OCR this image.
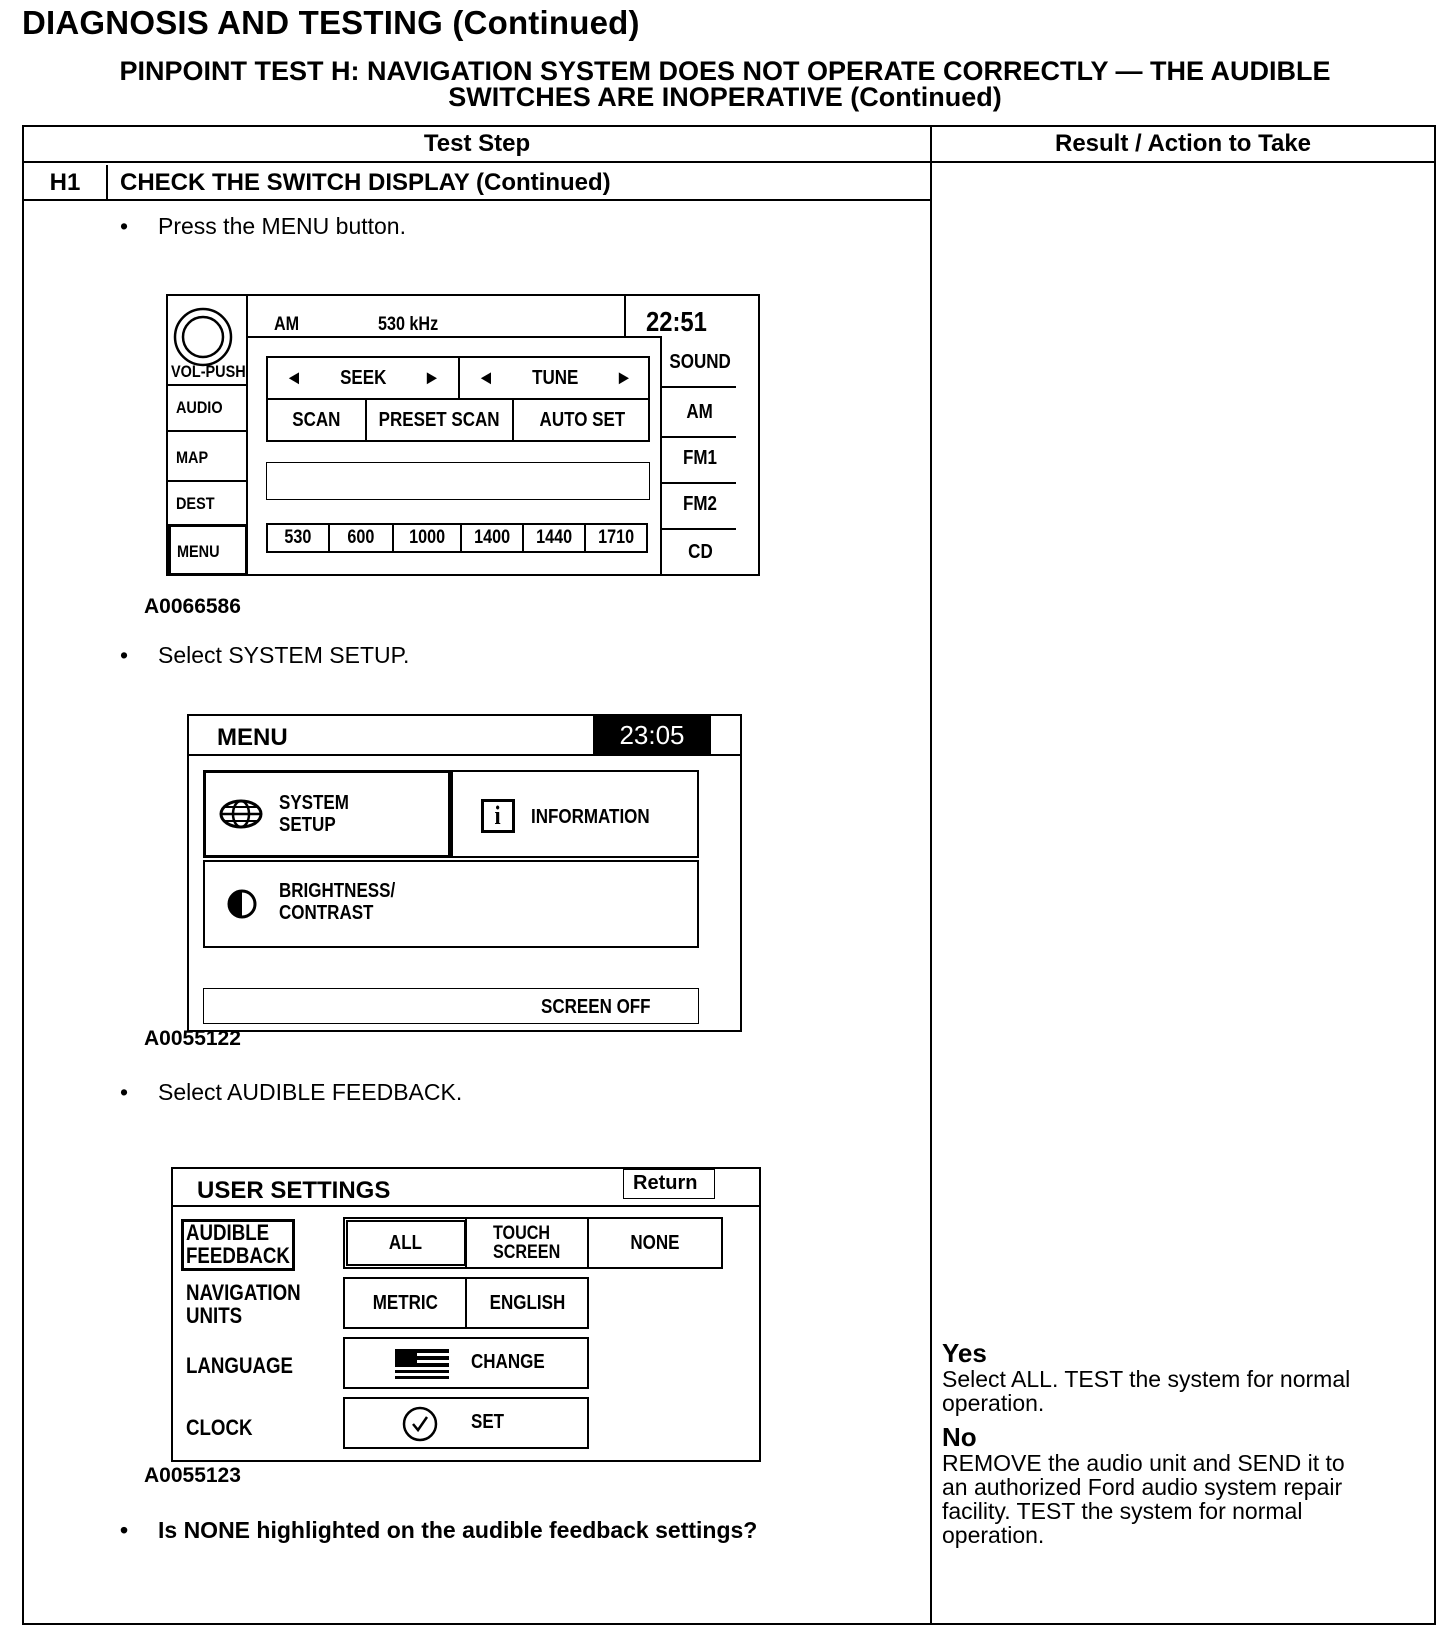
DIAGNOSIS AND TESTING (Continued)
PINPOINT TEST H: NAVIGATION SYSTEM DOES NOT OPERATE CORRECTLY — THE AUDIBLE
SWITCHES ARE INOPERATIVE (Continued)
Test Step	Result / Action to Take
H1	CHECK THE SWITCH DISPLAY (Continued)
• Press the MENU button.
VOL-PUSH
AUDIO
MAP
DEST
MENU
AM	530 kHz	22:51
SOUND
AM
FM1
FM2
CD
◄ SEEK ► ◄ TUNE ►
SCAN PRESET SCAN AUTO SET
530 600 1000 1400 1440 1710
A0066586
• Select SYSTEM SETUP.
MENU	23:05
SYSTEM
SETUP	i INFORMATION
BRIGHTNESS/
CONTRAST
SCREEN OFF
A0055122
• Select AUDIBLE FEEDBACK.
USER SETTINGS	Return
AUDIBLE
FEEDBACK
ALL	TOUCH
SCREEN	NONE
NAVIGATION
UNITS
METRIC	ENGLISH
LANGUAGE	CHANGE
CLOCK	SET
A0055123
• Is NONE highlighted on the audible feedback settings?
Yes
Select ALL. TEST the system for normal
operation.
No
REMOVE the audio unit and SEND it to
an authorized Ford audio system repair
facility. TEST the system for normal
operation.
